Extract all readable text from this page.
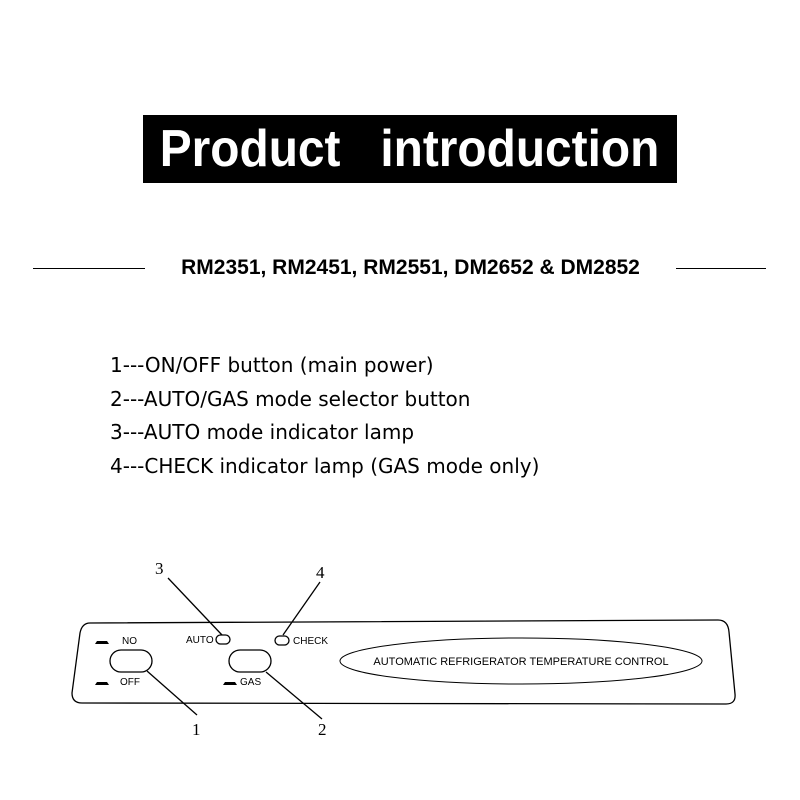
Product   introduction
RM2351, RM2451, RM2551, DM2652 & DM2852
1---ON/OFF button (main power)
2---AUTO/GAS mode selector button
3---AUTO mode indicator lamp
4---CHECK indicator lamp (GAS mode only)
NO
OFF
AUTO
GAS
CHECK
AUTOMATIC REFRIGERATOR TEMPERATURE CONTROL
3	4
1	2
